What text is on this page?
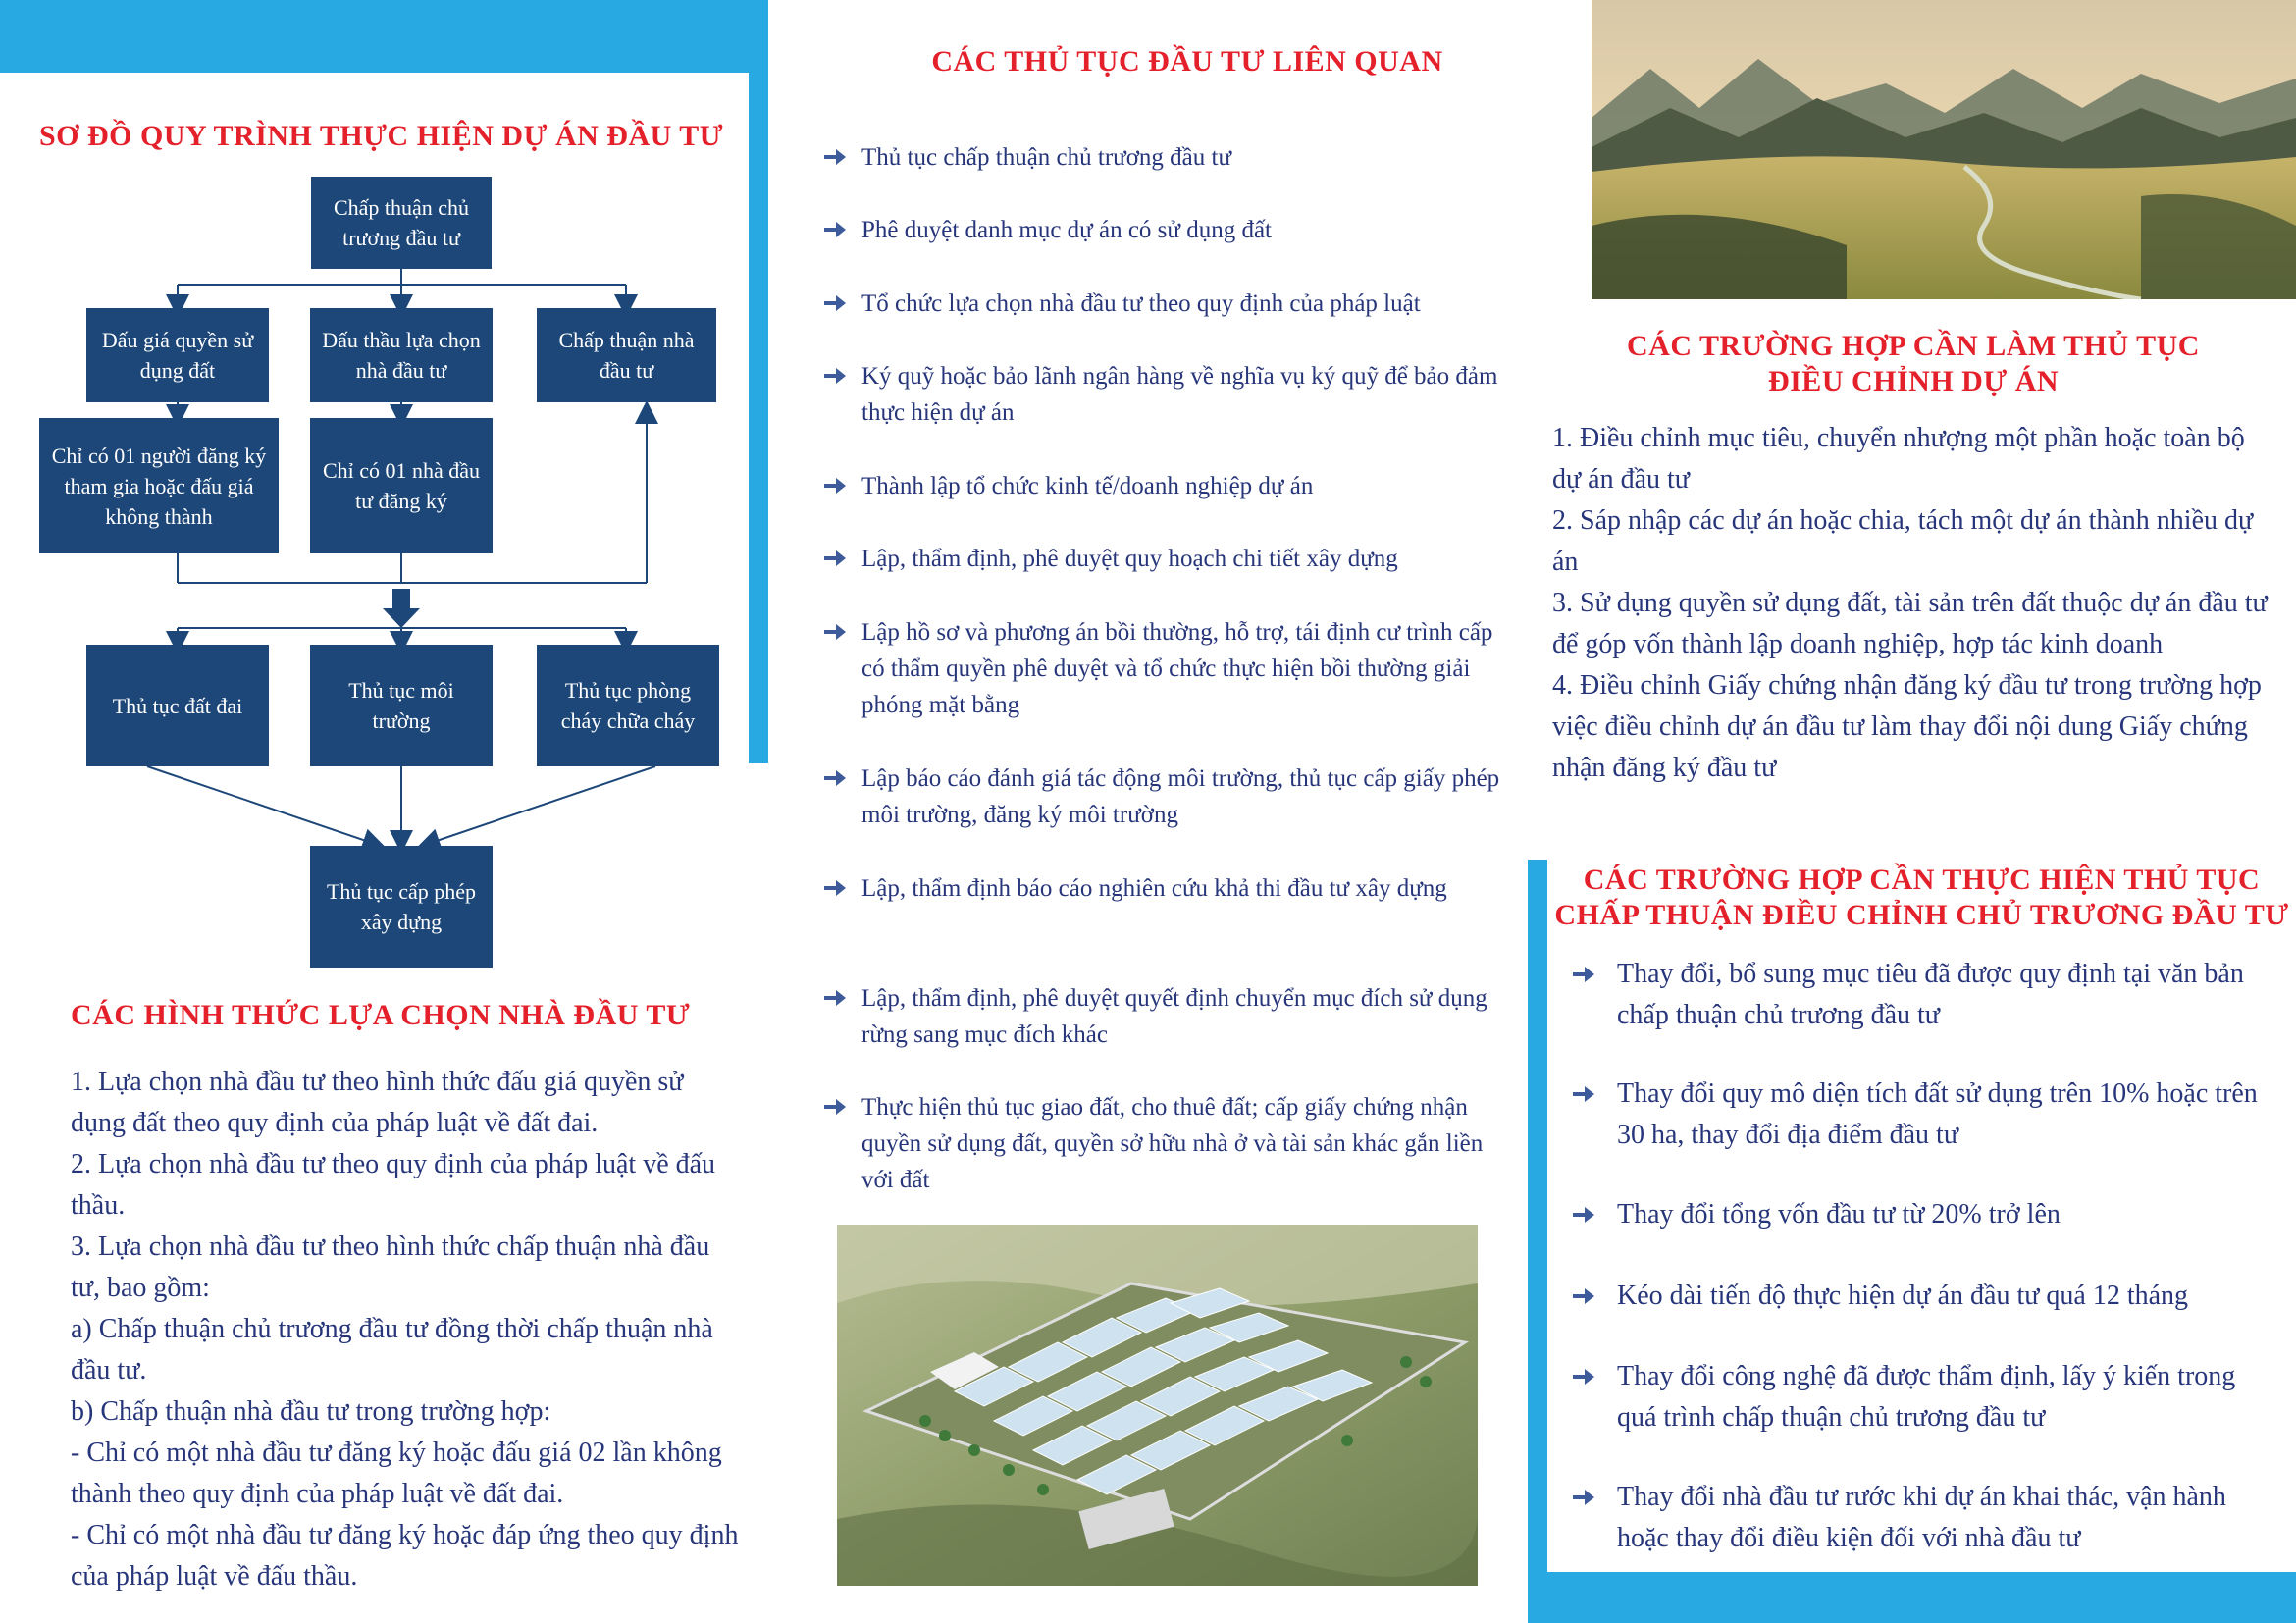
SƠ ĐỒ QUY TRÌNH THỰC HIỆN DỰ ÁN ĐẦU TƯ
Chấp thuận chủ trương đầu tư
Đấu giá quyền sử dụng đất
Đấu thầu lựa chọn nhà đầu tư
Chấp thuận nhà đầu tư
Chỉ có 01 người đăng ký tham gia hoặc đấu giá không thành
Chỉ có 01 nhà đầu tư đăng ký
Thủ tục đất đai
Thủ tục môi trường
Thủ tục phòng cháy chữa cháy
Thủ tục cấp phép xây dựng
CÁC HÌNH THỨC LỰA CHỌN NHÀ ĐẦU TƯ
1. Lựa chọn nhà đầu tư theo hình thức đấu giá quyền sử dụng đất theo quy định của pháp luật về đất đai.
2. Lựa chọn nhà đầu tư theo quy định của pháp luật về đấu thầu.
3. Lựa chọn nhà đầu tư theo hình thức chấp thuận nhà đầu tư, bao gồm:
a) Chấp thuận chủ trương đầu tư đồng thời chấp thuận nhà đầu tư.
b) Chấp thuận nhà đầu tư trong trường hợp:
- Chỉ có một nhà đầu tư đăng ký hoặc đấu giá 02 lần không thành theo quy định của pháp luật về đất đai.
- Chỉ có một nhà đầu tư đăng ký hoặc đáp ứng theo quy định của pháp luật về đấu thầu.
CÁC THỦ TỤC ĐẦU TƯ LIÊN QUAN
Thủ tục chấp thuận chủ trương đầu tư
Phê duyệt danh mục dự án có sử dụng đất
Tổ chức lựa chọn nhà đầu tư theo quy định của pháp luật
Ký quỹ hoặc bảo lãnh ngân hàng về nghĩa vụ ký quỹ để bảo đảm thực hiện dự án
Thành lập tổ chức kinh tế/doanh nghiệp dự án
Lập, thẩm định, phê duyệt quy hoạch chi tiết xây dựng
Lập hồ sơ và phương án bồi thường, hỗ trợ, tái định cư trình cấp có thẩm quyền phê duyệt và tổ chức thực hiện bồi thường giải phóng mặt bằng
Lập báo cáo đánh giá tác động môi trường, thủ tục cấp giấy phép môi trường, đăng ký môi trường
Lập, thẩm định báo cáo nghiên cứu khả thi đầu tư xây dựng
Lập, thẩm định, phê duyệt quyết định chuyển mục đích sử dụng rừng sang mục đích khác
Thực hiện thủ tục giao đất, cho thuê đất; cấp giấy chứng nhận quyền sử dụng đất, quyền sở hữu nhà ở và tài sản khác gắn liền với đất
CÁC TRƯỜNG HỢP CẦN LÀM THỦ TỤC
ĐIỀU CHỈNH DỰ ÁN
1. Điều chỉnh mục tiêu, chuyển nhượng một phần hoặc toàn bộ dự án đầu tư
2. Sáp nhập các dự án hoặc chia, tách một dự án thành nhiều dự án
3. Sử dụng quyền sử dụng đất, tài sản trên đất thuộc dự án đầu tư để góp vốn thành lập doanh nghiệp, hợp tác kinh doanh
4. Điều chỉnh Giấy chứng nhận đăng ký đầu tư trong trường hợp việc điều chỉnh dự án đầu tư làm thay đổi nội dung Giấy chứng nhận đăng ký đầu tư
CÁC TRƯỜNG HỢP CẦN THỰC HIỆN THỦ TỤC
CHẤP THUẬN ĐIỀU CHỈNH CHỦ TRƯƠNG ĐẦU TƯ
Thay đổi, bổ sung mục tiêu đã được quy định tại văn bản chấp thuận chủ trương đầu tư
Thay đổi quy mô diện tích đất sử dụng trên 10% hoặc trên 30 ha, thay đổi địa điểm đầu tư
Thay đổi tổng vốn đầu tư từ 20% trở lên
Kéo dài tiến độ thực hiện dự án đầu tư quá 12 tháng
Thay đổi công nghệ đã được thẩm định, lấy ý kiến trong quá trình chấp thuận chủ trương đầu tư
Thay đổi nhà đầu tư rước khi dự án khai thác, vận hành hoặc thay đổi điều kiện đối với nhà đầu tư
